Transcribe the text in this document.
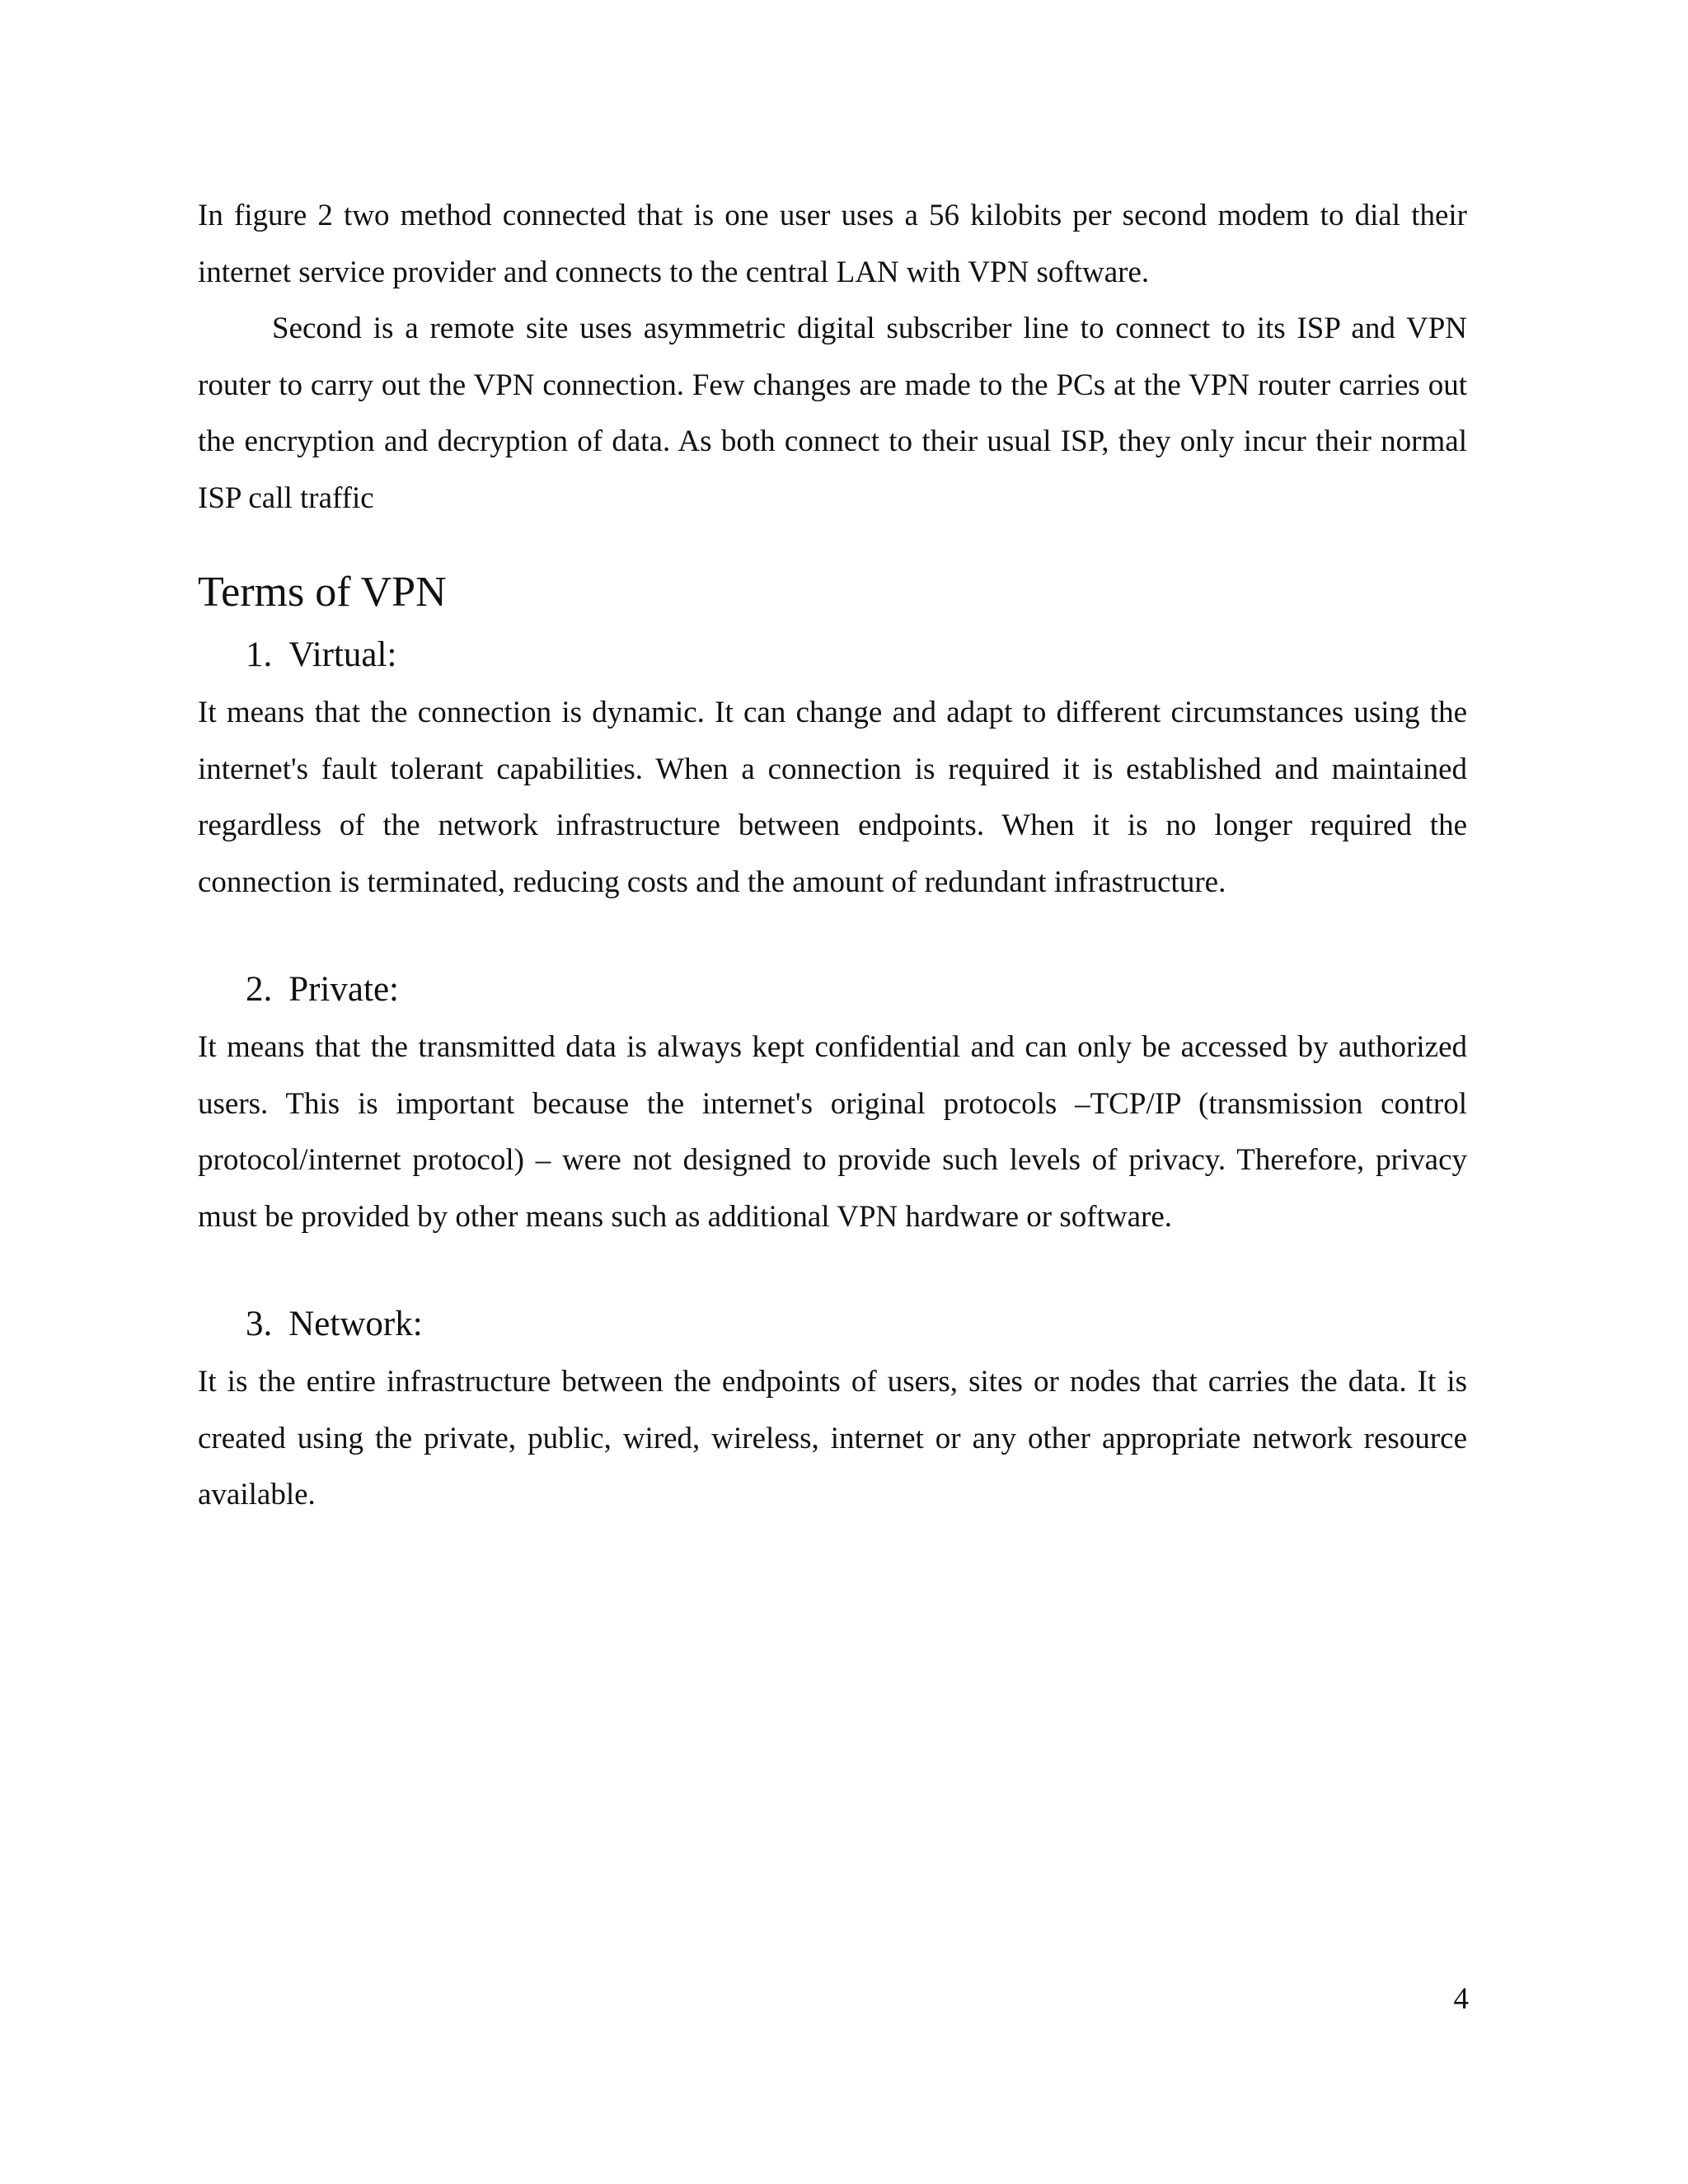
In figure 2 two method connected that is one user uses a 56 kilobits per second modem to dial their internet service provider and connects to the central LAN with VPN software.

Second is a remote site uses asymmetric digital subscriber line to connect to its ISP and VPN router to carry out the VPN connection. Few changes are made to the PCs at the VPN router carries out the encryption and decryption of data. As both connect to their usual ISP, they only incur their normal ISP call traffic

Terms of VPN
1. Virtual:

It means that the connection is dynamic. It can change and adapt to different circumstances using the internet's fault tolerant capabilities. When a connection is required it is established and maintained regardless of the network infrastructure between endpoints. When it is no longer required the connection is terminated, reducing costs and the amount of redundant infrastructure.

2. Private:

It means that the transmitted data is always kept confidential and can only be accessed by authorized users. This is important because the internet's original protocols –TCP/IP (transmission control protocol/internet protocol) – were not designed to provide such levels of privacy. Therefore, privacy must be provided by other means such as additional VPN hardware or software.

3. Network:

It is the entire infrastructure between the endpoints of users, sites or nodes that carries the data. It is created using the private, public, wired, wireless, internet or any other appropriate network resource available.

4
